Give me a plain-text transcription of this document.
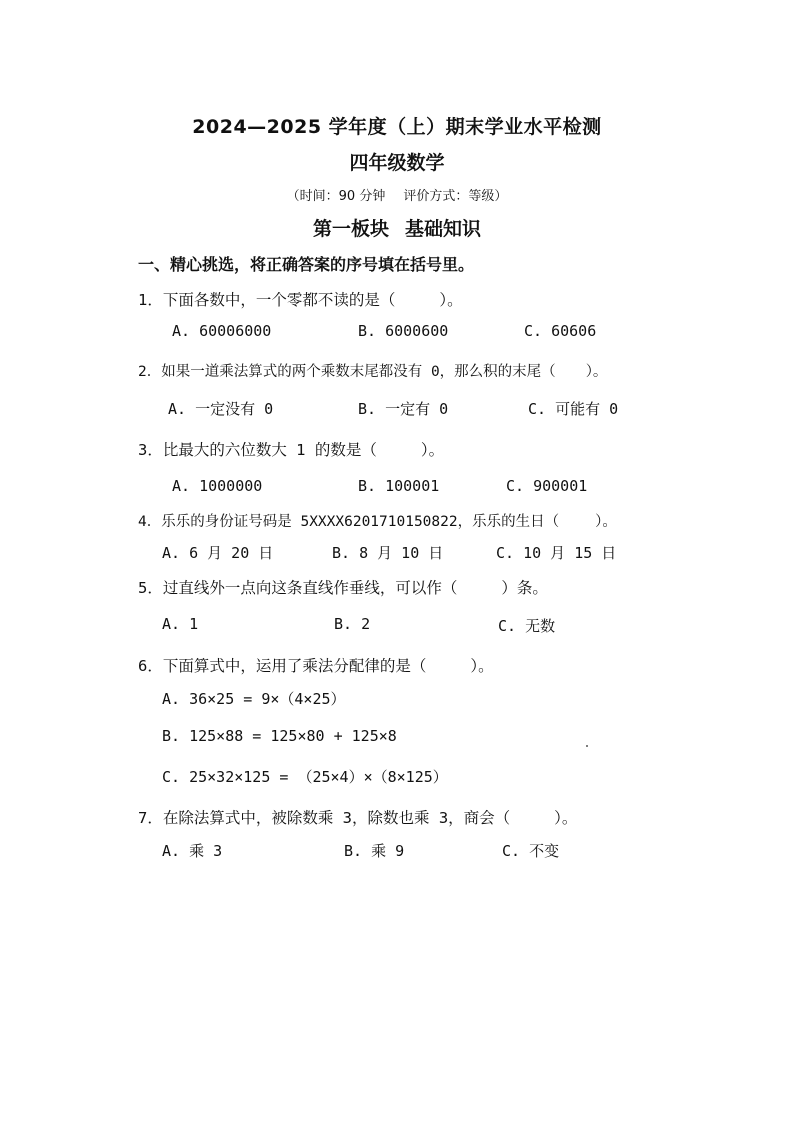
2024—2025 学年度（上）期末学业水平检测
四年级数学
（时间：90 分钟 评价方式：等级）
第一板块 基础知识
一、精心挑选，将正确答案的序号填在括号里。
1．下面各数中，一个零都不读的是（	）。
A. 60006000	B. 6000600	C. 60606
2．如果一道乘法算式的两个乘数末尾都没有 0，那么积的末尾（ ）。
A. 一定没有 0	B. 一定有 0	C. 可能有 0
3．比最大的六位数大 1 的数是（	）。
A. 1000000	B. 100001	C. 900001
4．乐乐的身份证号码是 5XXXX6201710150822，乐乐的生日（ ）。
A. 6 月 20 日	B. 8 月 10 日	C. 10 月 15 日
5．过直线外一点向这条直线作垂线，可以作（	）条。
A. 1	B. 2	C. 无数
6．下面算式中，运用了乘法分配律的是（	）。
A. 36×25 = 9×（4×25）
B. 125×88 = 125×80 + 125×8
C. 25×32×125 = （25×4）×（8×125）
7．在除法算式中，被除数乘 3，除数也乘 3，商会（	）。
A. 乘 3	B. 乘 9	C. 不变
